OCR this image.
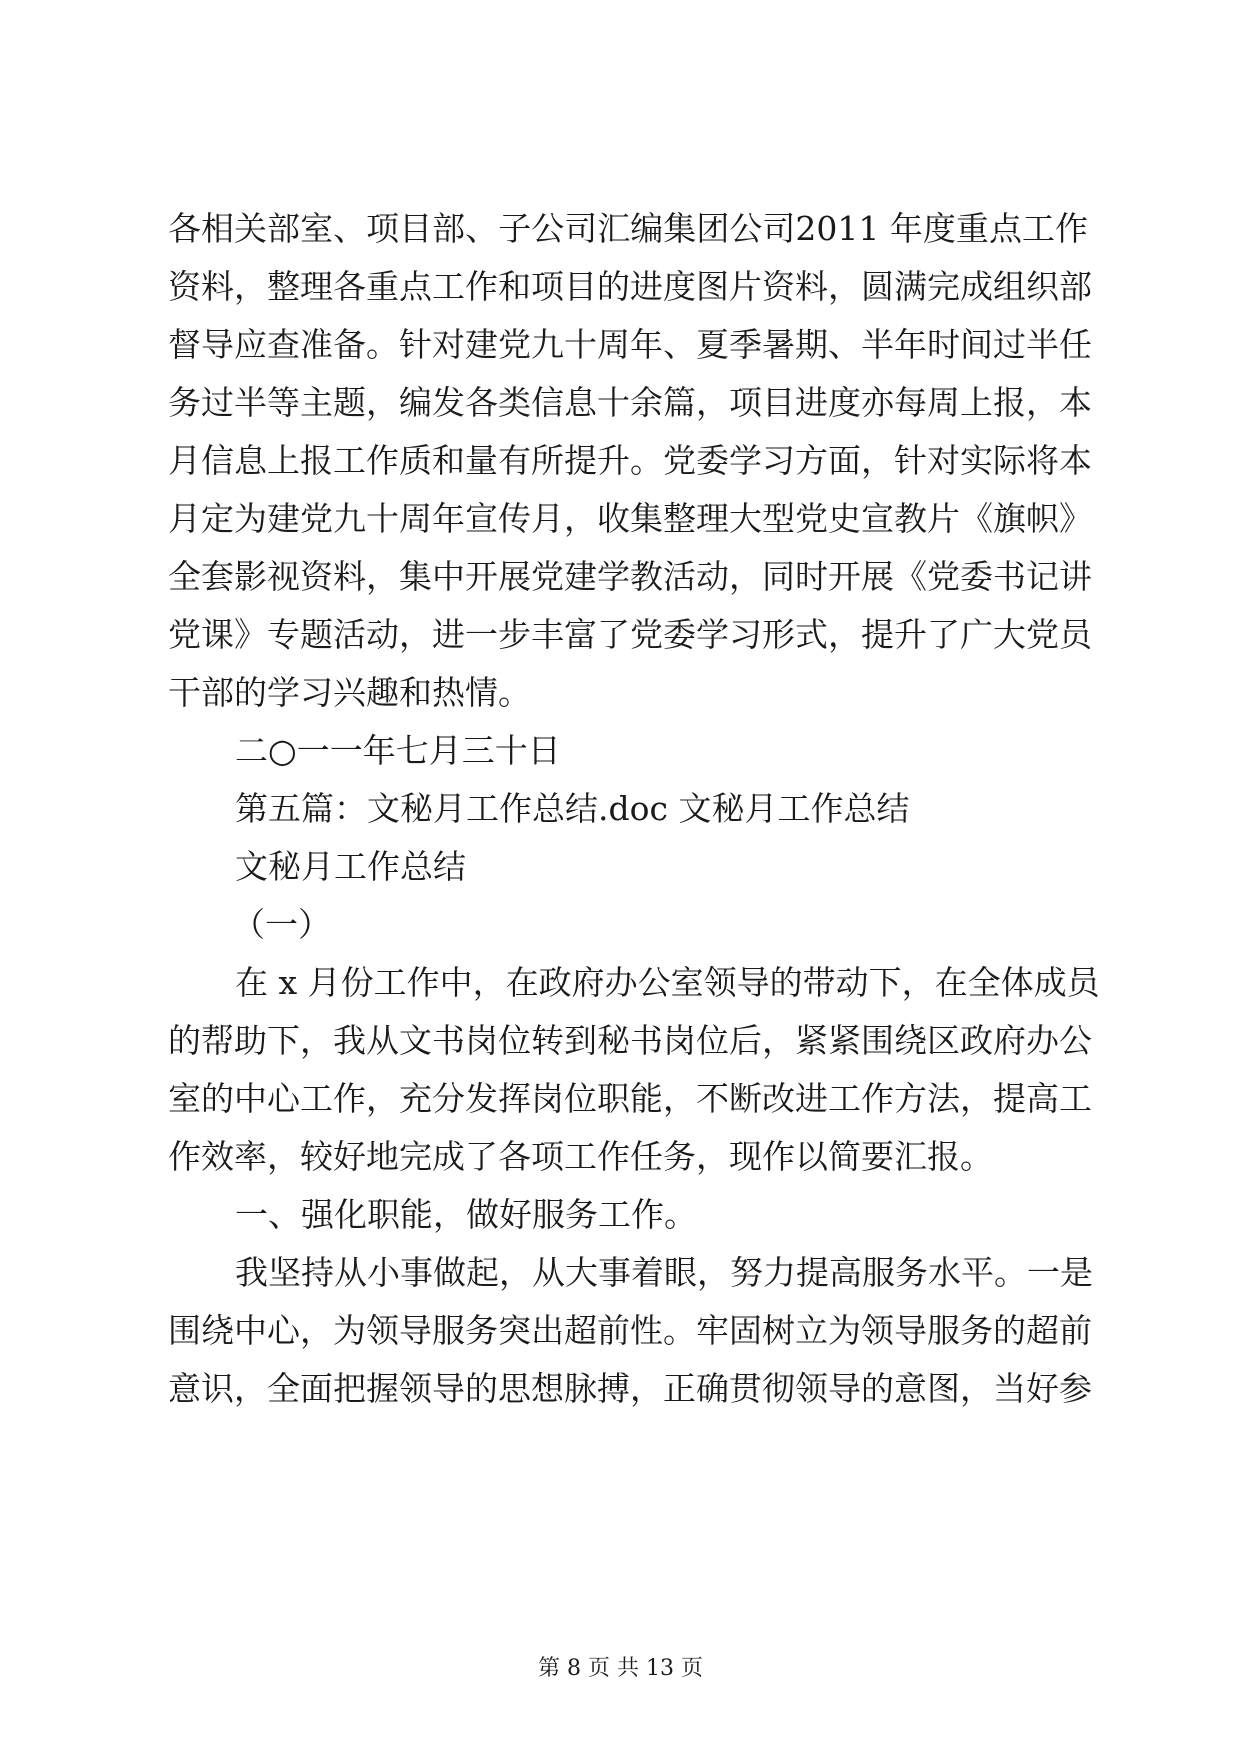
各相关部室、项目部、子公司汇编集团公司2011 年度重点工作
资料，整理各重点工作和项目的进度图片资料，圆满完成组织部
督导应查准备。针对建党九十周年、夏季暑期、半年时间过半任
务过半等主题，编发各类信息十余篇，项目进度亦每周上报，本
月信息上报工作质和量有所提升。党委学习方面，针对实际将本
月定为建党九十周年宣传月，收集整理大型党史宣教片《旗帜》
全套影视资料，集中开展党建学教活动，同时开展《党委书记讲
党课》专题活动，进一步丰富了党委学习形式，提升了广大党员
干部的学习兴趣和热情。
二○一一年七月三十日
第五篇：文秘月工作总结.doc 文秘月工作总结
文秘月工作总结
（一）
在 x 月份工作中，在政府办公室领导的带动下，在全体成员
的帮助下，我从文书岗位转到秘书岗位后，紧紧围绕区政府办公
室的中心工作，充分发挥岗位职能，不断改进工作方法，提高工
作效率，较好地完成了各项工作任务，现作以简要汇报。
一、强化职能，做好服务工作。
我坚持从小事做起，从大事着眼，努力提高服务水平。一是
围绕中心，为领导服务突出超前性。牢固树立为领导服务的超前
意识，全面把握领导的思想脉搏，正确贯彻领导的意图，当好参
第 8 页 共 13 页
